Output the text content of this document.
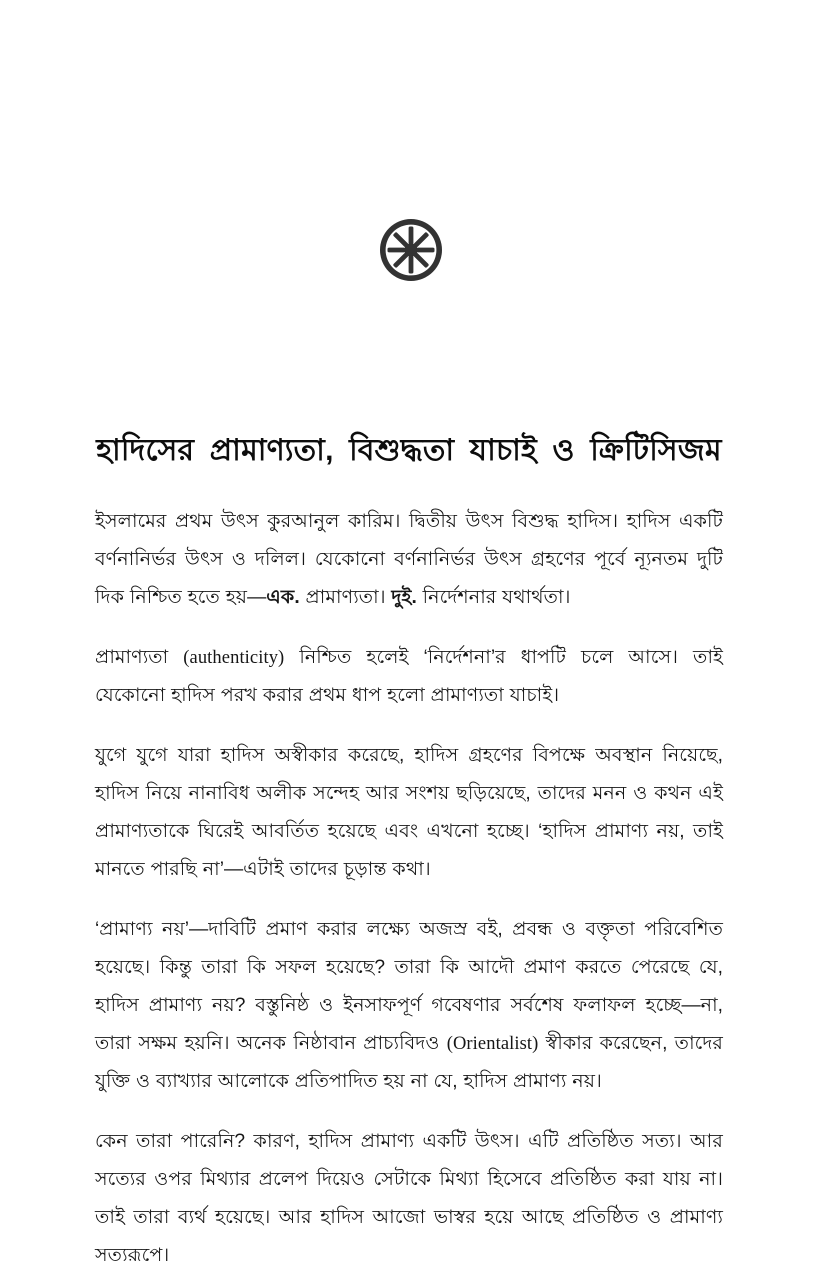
হাদিসের প্রামাণ্যতা, বিশুদ্ধতা যাচাই ও ক্রিটিসিজম

ইসলামের প্রথম উৎস কুরআনুল কারিম। দ্বিতীয় উৎস বিশুদ্ধ হাদিস। হাদিস একটি বর্ণনানির্ভর উৎস ও দলিল। যেকোনো বর্ণনানির্ভর উৎস গ্রহণের পূর্বে ন্যূনতম দুটি দিক নিশ্চিত হতে হয়—এক. প্রামাণ্যতা। দুই. নির্দেশনার যথার্থতা।

প্রামাণ্যতা (authenticity) নিশ্চিত হলেই ‘নির্দেশনা’র ধাপটি চলে আসে। তাই যেকোনো হাদিস পরখ করার প্রথম ধাপ হলো প্রামাণ্যতা যাচাই।

যুগে যুগে যারা হাদিস অস্বীকার করেছে, হাদিস গ্রহণের বিপক্ষে অবস্থান নিয়েছে, হাদিস নিয়ে নানাবিধ অলীক সন্দেহ আর সংশয় ছড়িয়েছে, তাদের মনন ও কথন এই প্রামাণ্যতাকে ঘিরেই আবর্তিত হয়েছে এবং এখনো হচ্ছে। ‘হাদিস প্রামাণ্য নয়, তাই মানতে পারছি না’—এটাই তাদের চূড়ান্ত কথা।

‘প্রামাণ্য নয়’—দাবিটি প্রমাণ করার লক্ষ্যে অজস্র বই, প্রবন্ধ ও বক্তৃতা পরিবেশিত হয়েছে। কিন্তু তারা কি সফল হয়েছে? তারা কি আদৌ প্রমাণ করতে পেরেছে যে, হাদিস প্রামাণ্য নয়? বস্তুনিষ্ঠ ও ইনসাফপূর্ণ গবেষণার সর্বশেষ ফলাফল হচ্ছে—না, তারা সক্ষম হয়নি। অনেক নিষ্ঠাবান প্রাচ্যবিদও (Orientalist) স্বীকার করেছেন, তাদের যুক্তি ও ব্যাখ্যার আলোকে প্রতিপাদিত হয় না যে, হাদিস প্রামাণ্য নয়।

কেন তারা পারেনি? কারণ, হাদিস প্রামাণ্য একটি উৎস। এটি প্রতিষ্ঠিত সত্য। আর সত্যের ওপর মিথ্যার প্রলেপ দিয়েও সেটাকে মিথ্যা হিসেবে প্রতিষ্ঠিত করা যায় না। তাই তারা ব্যর্থ হয়েছে। আর হাদিস আজো ভাস্বর হয়ে আছে প্রতিষ্ঠিত ও প্রামাণ্য সত্যরূপে।
